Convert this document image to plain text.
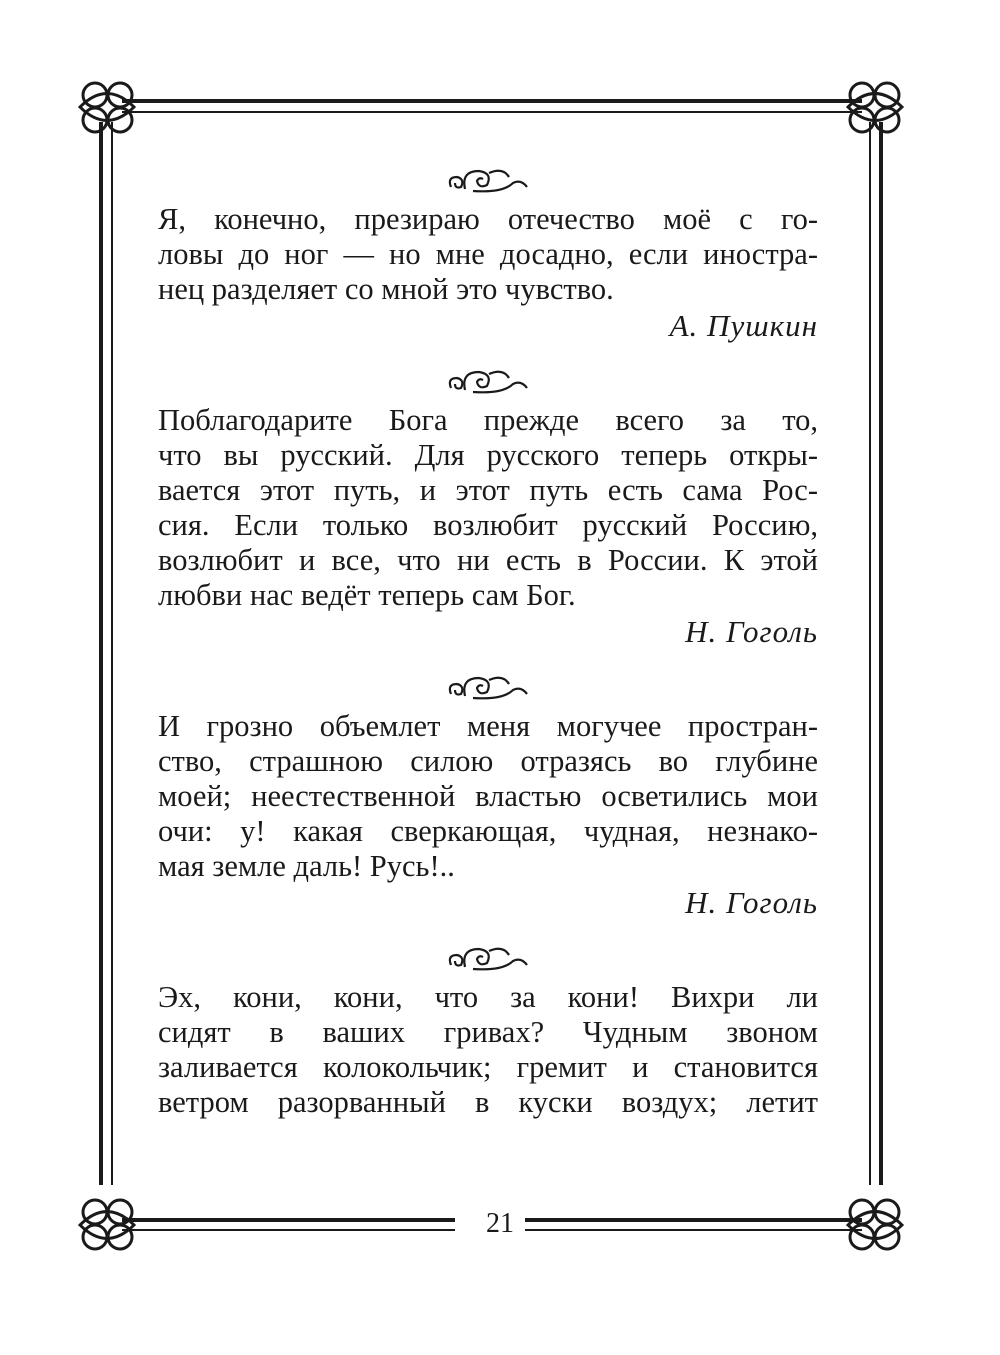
Я, конечно, презираю отечество моё с го-
ловы до ног — но мне досадно, если иностра-
нец разделяет со мной это чувство.

А. Пушкин

Поблагодарите Бога прежде всего за то,
что вы русский. Для русского теперь откры-
вается этот путь, и этот путь есть сама Рос-
сия. Если только возлюбит русский Россию,
возлюбит и все, что ни есть в России. К этой
любви нас ведёт теперь сам Бог.

Н. Гоголь

И грозно объемлет меня могучее простран-
ство, страшною силою отразясь во глубине
моей; неестественной властью осветились мои
очи: у! какая сверкающая, чудная, незнако-
мая земле даль! Русь!..

Н. Гоголь

Эх, кони, кони, что за кони! Вихри ли
сидят в ваших гривах? Чудным звоном
заливается колокольчик; гремит и становится
ветром разорванный в куски воздух; летит

21
